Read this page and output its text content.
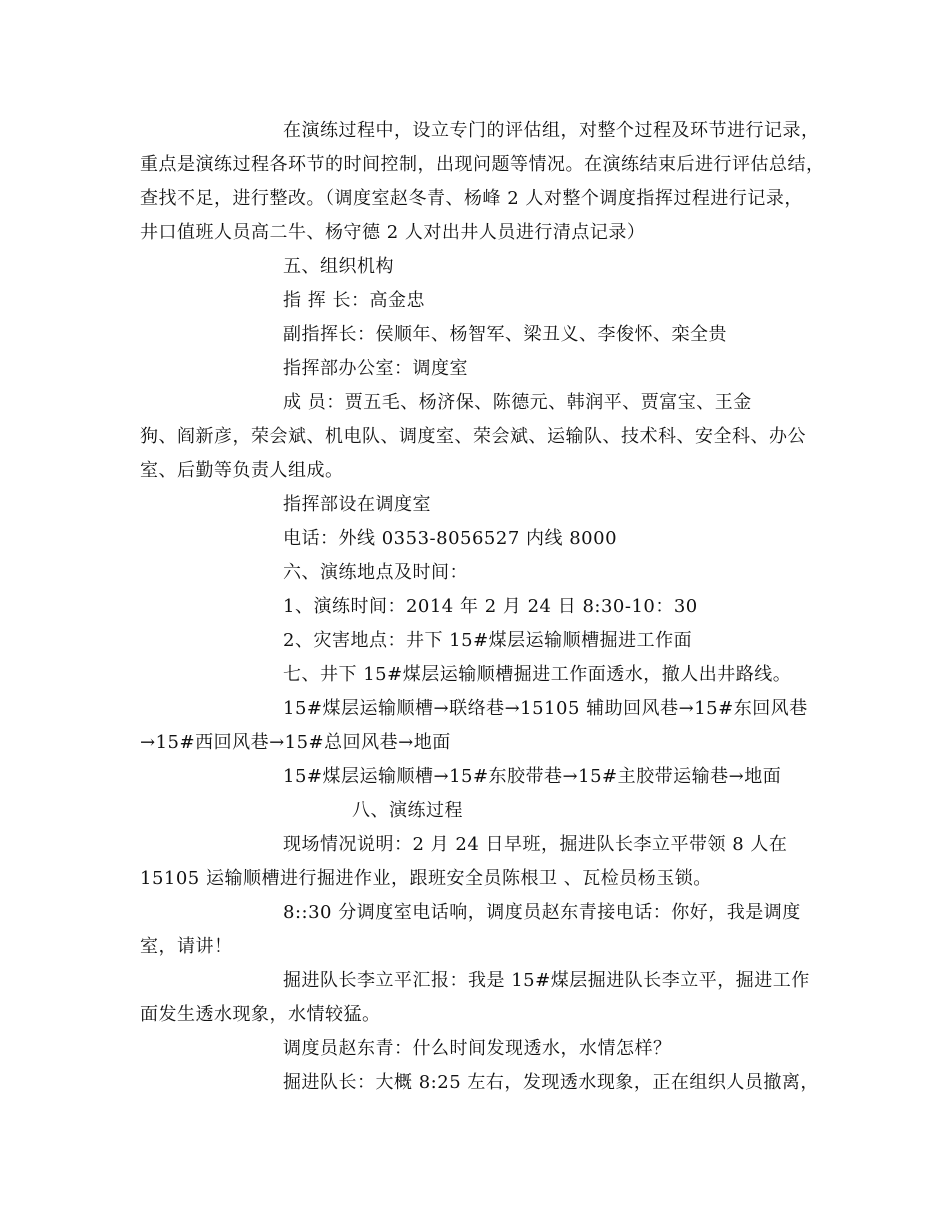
在演练过程中，设立专门的评估组，对整个过程及环节进行记录，
重点是演练过程各环节的时间控制，出现问题等情况。在演练结束后进行评估总结，
查找不足，进行整改。（调度室赵冬青、杨峰 2 人对整个调度指挥过程进行记录，
井口值班人员高二牛、杨守德 2 人对出井人员进行清点记录）
五、组织机构
指 挥 长：高金忠
副指挥长：侯顺年、杨智军、梁丑义、李俊怀、栾全贵
指挥部办公室：调度室
成 员：贾五毛、杨济保、陈德元、韩润平、贾富宝、王金
狗、阎新彦，荣会斌、机电队、调度室、荣会斌、运输队、技术科、安全科、办公
室、后勤等负责人组成。
指挥部设在调度室
电话：外线 0353-8056527 内线 8000
六、演练地点及时间：
1、演练时间：2014 年 2 月 24 日 8:30-10：30
2、灾害地点：井下 15#煤层运输顺槽掘进工作面
七、井下 15#煤层运输顺槽掘进工作面透水，撤人出井路线。
15#煤层运输顺槽→联络巷→15105 辅助回风巷→15#东回风巷
→15#西回风巷→15#总回风巷→地面
15#煤层运输顺槽→15#东胶带巷→15#主胶带运输巷→地面
八、演练过程
现场情况说明：2 月 24 日早班，掘进队长李立平带领 8 人在
15105 运输顺槽进行掘进作业，跟班安全员陈根卫 、瓦检员杨玉锁。
8::30 分调度室电话响，调度员赵东青接电话：你好，我是调度
室，请讲！
掘进队长李立平汇报：我是 15#煤层掘进队长李立平，掘进工作
面发生透水现象，水情较猛。
调度员赵东青：什么时间发现透水，水情怎样？
掘进队长：大概 8:25 左右，发现透水现象，正在组织人员撤离，
